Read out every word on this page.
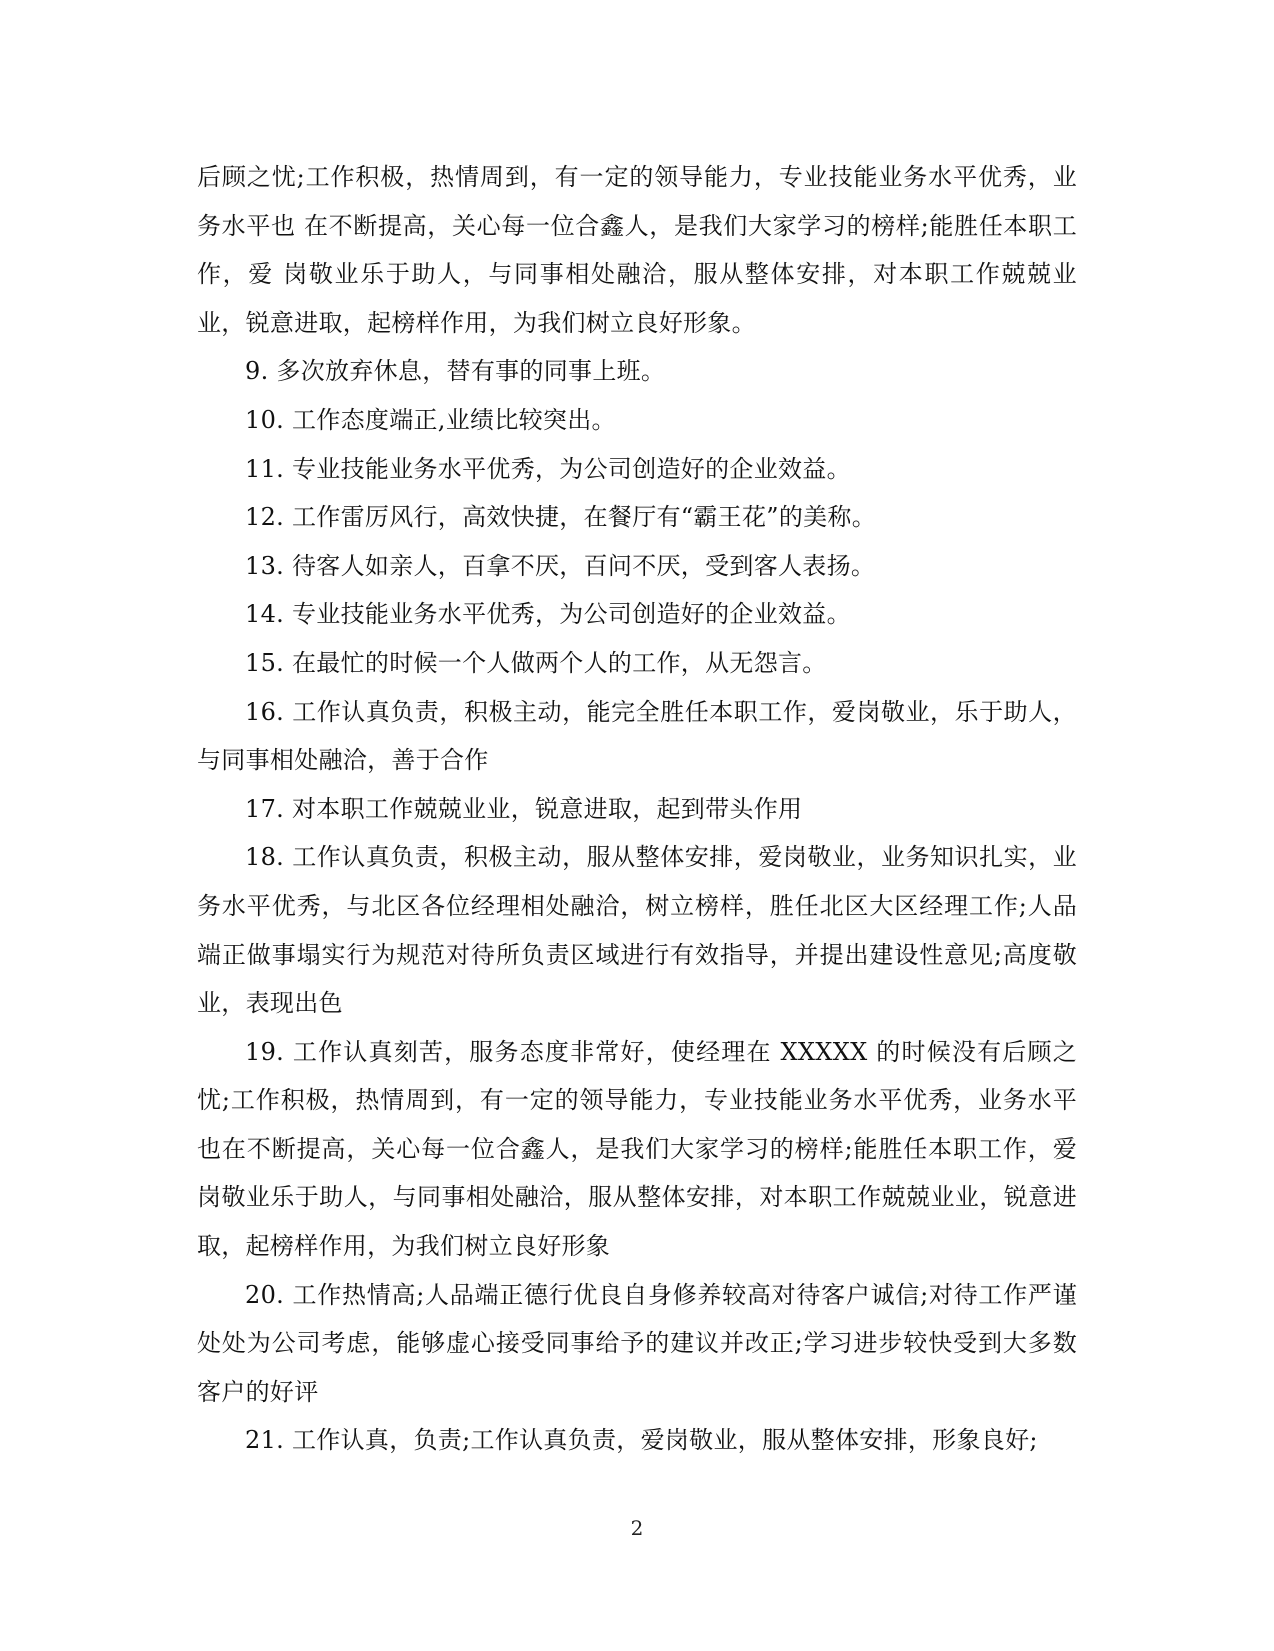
后顾之忧;工作积极，热情周到，有一定的领导能力，专业技能业务水平优秀，业务水平也 在不断提高，关心每一位合鑫人，是我们大家学习的榜样;能胜任本职工作，爱 岗敬业乐于助人，与同事相处融洽，服从整体安排，对本职工作兢兢业业，锐意进取，起榜样作用，为我们树立良好形象。

9. 多次放弃休息，替有事的同事上班。

10. 工作态度端正,业绩比较突出。

11. 专业技能业务水平优秀，为公司创造好的企业效益。

12. 工作雷厉风行，高效快捷，在餐厅有“霸王花”的美称。

13. 待客人如亲人，百拿不厌，百问不厌，受到客人表扬。

14. 专业技能业务水平优秀，为公司创造好的企业效益。

15. 在最忙的时候一个人做两个人的工作，从无怨言。

16. 工作认真负责，积极主动，能完全胜任本职工作，爱岗敬业，乐于助人，与同事相处融洽，善于合作

17. 对本职工作兢兢业业，锐意进取，起到带头作用

18. 工作认真负责，积极主动，服从整体安排，爱岗敬业，业务知识扎实，业务水平优秀，与北区各位经理相处融洽，树立榜样，胜任北区大区经理工作;人品端正做事塌实行为规范对待所负责区域进行有效指导，并提出建设性意见;高度敬业，表现出色

19. 工作认真刻苦，服务态度非常好，使经理在 XXXXX 的时候没有后顾之忧;工作积极，热情周到，有一定的领导能力，专业技能业务水平优秀，业务水平也在不断提高，关心每一位合鑫人，是我们大家学习的榜样;能胜任本职工作，爱岗敬业乐于助人，与同事相处融洽，服从整体安排，对本职工作兢兢业业，锐意进取，起榜样作用，为我们树立良好形象

20. 工作热情高;人品端正德行优良自身修养较高对待客户诚信;对待工作严谨处处为公司考虑，能够虚心接受同事给予的建议并改正;学习进步较快受到大多数客户的好评

21. 工作认真，负责;工作认真负责，爱岗敬业，服从整体安排，形象良好;

2
